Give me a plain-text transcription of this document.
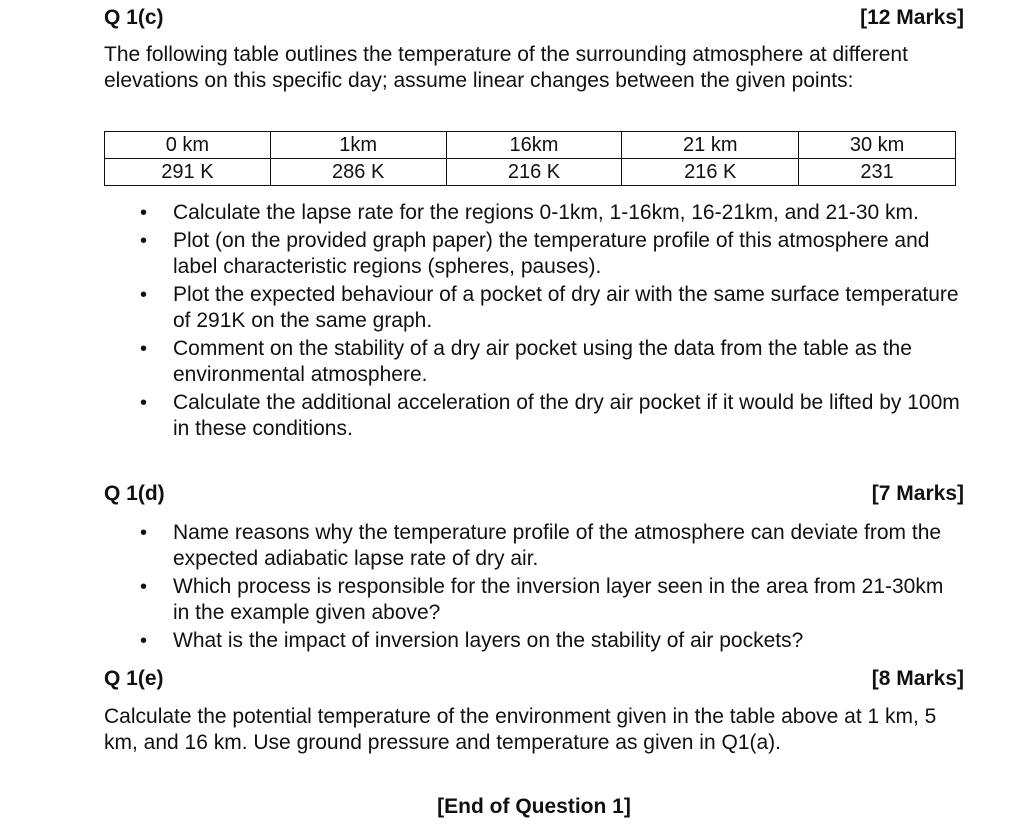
Q 1(c)	[12 Marks]
The following table outlines the temperature of the surrounding atmosphere at different elevations on this specific day; assume linear changes between the given points:
0 km	1km	16km	21 km	30 km
291 K	286 K	216 K	216 K	231
• Calculate the lapse rate for the regions 0-1km, 1-16km, 16-21km, and 21-30 km.
• Plot (on the provided graph paper) the temperature profile of this atmosphere and label characteristic regions (spheres, pauses).
• Plot the expected behaviour of a pocket of dry air with the same surface temperature of 291K on the same graph.
• Comment on the stability of a dry air pocket using the data from the table as the environmental atmosphere.
• Calculate the additional acceleration of the dry air pocket if it would be lifted by 100m in these conditions.
Q 1(d)	[7 Marks]
• Name reasons why the temperature profile of the atmosphere can deviate from the expected adiabatic lapse rate of dry air.
• Which process is responsible for the inversion layer seen in the area from 21-30km in the example given above?
• What is the impact of inversion layers on the stability of air pockets?
Q 1(e)	[8 Marks]
Calculate the potential temperature of the environment given in the table above at 1 km, 5 km, and 16 km. Use ground pressure and temperature as given in Q1(a).
[End of Question 1]
